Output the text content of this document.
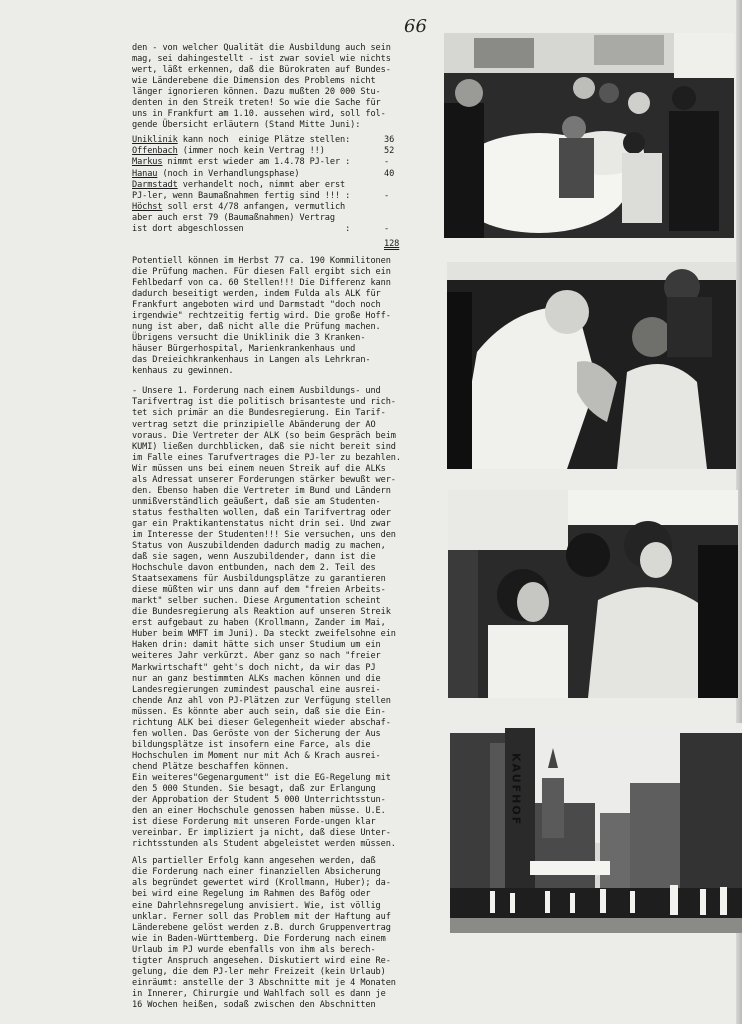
66

den - von welcher Qualität die Ausbildung auch sein

mag, sei dahingestellt - ist zwar soviel wie nichts

wert, läßt erkennen, daß die Bürokraten auf Bundes-

wie Länderebene die Dimension des Problems nicht

länger ignorieren können. Dazu mußten 20 000 Stu-

denten in den Streik treten! So wie die Sache für

uns in Frankfurt am 1.10. aussehen wird, soll fol-

gende Übersicht erläutern (Stand Mitte Juni):

Uniklinik kann noch  einige Plätze stellen:	36
Offenbach (immer noch kein Vertrag !!)	52
Markus nimmt erst wieder am 1.4.78 PJ-ler :	-
Hanau (noch in Verhandlungsphase)	40
Darmstadt verhandelt noch, nimmt aber erst
PJ-ler, wenn Baumaßnahmen fertig sind !!! :	-
Höchst soll erst 4/78 anfangen, vermutlich
aber auch erst 79 (Baumaßnahmen) Vertrag
ist dort abgeschlossen                    :	-
128

Potentiell können im Herbst 77 ca. 190 Kommilitonen

die Prüfung machen. Für diesen Fall ergibt sich ein

Fehlbedarf von ca. 60 Stellen!!! Die Differenz kann

dadurch beseitigt werden, indem Fulda als ALK für

Frankfurt angeboten wird und Darmstadt "doch noch

irgendwie" rechtzeitig fertig wird. Die große Hoff-

nung ist aber, daß nicht alle die Prüfung machen.

Übrigens versucht die Uniklinik die 3 Kranken-

häuser Bürgerhospital, Marienkrankenhaus und

das Dreieichkrankenhaus in Langen als Lehrkran-

kenhaus zu gewinnen.

- Unsere 1. Forderung nach einem Ausbildungs- und

Tarifvertrag ist die politisch brisanteste und rich-

tet sich primär an die Bundesregierung. Ein Tarif-

vertrag setzt die prinzipielle Abänderung der AO

voraus. Die Vertreter der ALK (so beim Gespräch beim

KUMI) ließen durchblicken, daß sie nicht bereit sind

im Falle eines Tarufvertrages die PJ-ler zu bezahlen.

Wir müssen uns bei einem neuen Streik auf die ALKs

als Adressat unserer Forderungen stärker bewußt wer-

den. Ebenso haben die Vertreter im Bund und Ländern

unmißverständlich geäußert, daß sie am Studenten-

status festhalten wollen, daß ein Tarifvertrag oder

gar ein Praktikantenstatus nicht drin sei. Und zwar

im Interesse der Studenten!!! Sie versuchen, uns den

Status von Auszubildenden dadurch madig zu machen,

daß sie sagen, wenn Auszubildender, dann ist die

Hochschule davon entbunden, nach dem 2. Teil des

Staatsexamens für Ausbildungsplätze zu garantieren

diese müßten wir uns dann auf dem "freien Arbeits-

markt" selber suchen. Diese Argumentation scheint

die Bundesregierung als Reaktion auf unseren Streik

erst aufgebaut zu haben (Krollmann, Zander im Mai,

Huber beim WMFT im Juni). Da steckt zweifelsohne ein

Haken drin: damit hätte sich unser Studium um ein

weiteres Jahr verkürzt. Aber ganz so nach "freier

Markwirtschaft" geht's doch nicht, da wir das PJ

nur an ganz bestimmten ALKs machen können und die

Landesregierungen zumindest pauschal eine ausrei-

chende Anz ahl von PJ-Plätzen zur Verfügung stellen

müssen. Es könnte aber auch sein, daß sie die Ein-

richtung ALK bei dieser Gelegenheit wieder abschaf-

fen wollen. Das Geröste von der Sicherung der Aus

bildungsplätze ist insofern eine Farce, als die

Hochschulen im Moment nur mit Ach & Krach ausrei-

chend Plätze beschaffen können.

Ein weiteres"Gegenargument" ist die EG-Regelung mit

den 5 000 Stunden. Sie besagt, daß zur Erlangung

der Approbation der Student 5 000 Unterrichtsstun-

den an einer Hochschule genossen haben müsse. U.E.

ist diese Forderung mit unseren Forde-ungen klar

vereinbar. Er impliziert ja nicht, daß diese Unter-

richtsstunden als Student abgeleistet werden müssen.

Als partieller Erfolg kann angesehen werden, daß

die Forderung nach einer finanziellen Absicherung

als begründet gewertet wird (Krollmann, Huber); da-

bei wird eine Regelung im Rahmen des Bafög oder

eine Dahrlehnsregelung anvisiert. Wie, ist völlig

unklar. Ferner soll das Problem mit der Haftung auf

Länderebene gelöst werden z.B. durch Gruppenvertrag

wie in Baden-Württemberg. Die Forderung nach einem

Urlaub im PJ wurde ebenfalls von ihm als berech-

tigter Anspruch angesehen. Diskutiert wird eine Re-

gelung, die dem PJ-ler mehr Freizeit (kein Urlaub)

einräumt: anstelle der 3 Abschnitte mit je 4 Monaten

in Innerer, Chirurgie und Wahlfach soll es dann je

16 Wochen heißen, sodaß zwischen den Abschnitten

KAUFHOF
